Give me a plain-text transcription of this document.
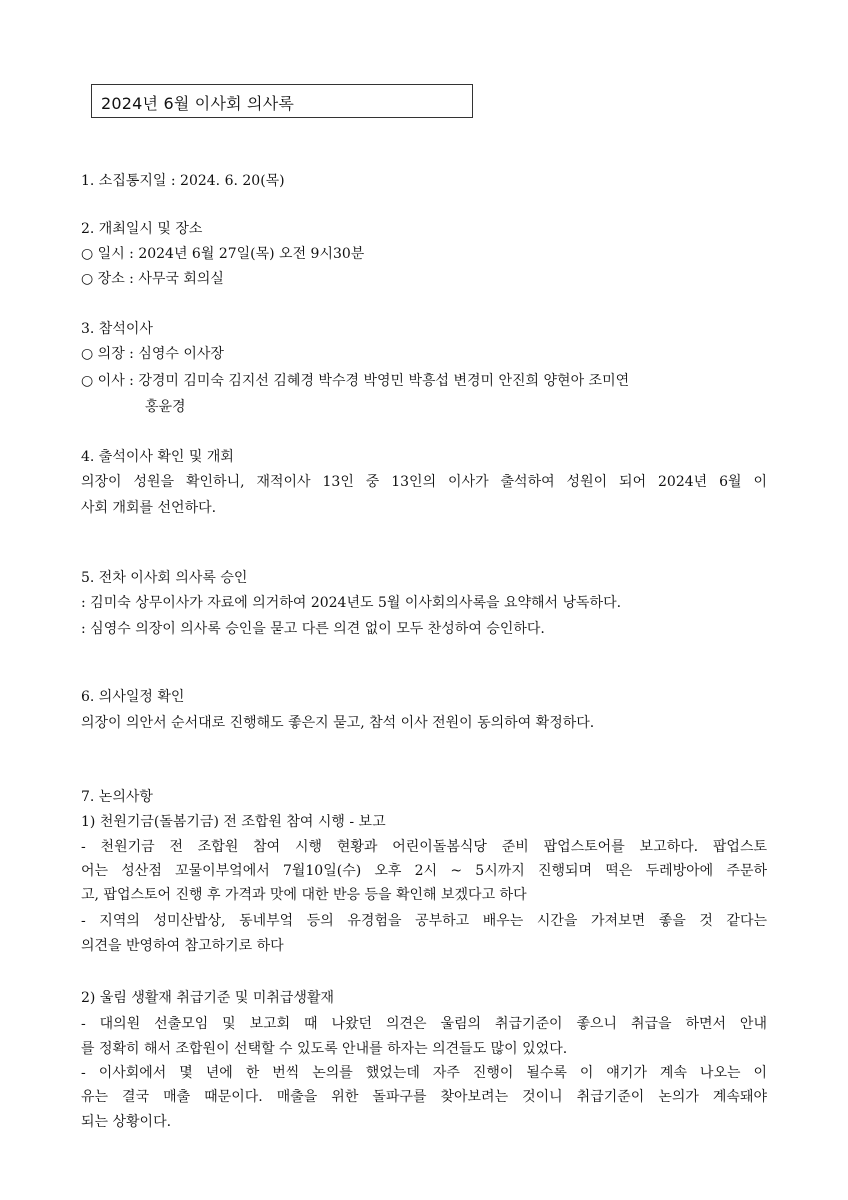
2024년 6월 이사회 의사록
1. 소집통지일 : 2024. 6. 20(목)
2. 개최일시 및 장소
○ 일시 : 2024년 6월 27일(목) 오전 9시30분
○ 장소 : 사무국 회의실
3. 참석이사
○ 의장 : 심영수 이사장
○ 이사 : 강경미 김미숙 김지선 김혜경 박수경 박영민 박흥섭 변경미 안진희 양현아 조미연
홍윤경
4. 출석이사 확인 및 개회
의장이 성원을 확인하니, 재적이사 13인 중 13인의 이사가 출석하여 성원이 되어 2024년 6월 이
사회 개회를 선언하다.
5. 전차 이사회 의사록 승인
: 김미숙 상무이사가 자료에 의거하여 2024년도 5월 이사회의사록을 요약해서 낭독하다.
: 심영수 의장이 의사록 승인을 묻고 다른 의견 없이 모두 찬성하여 승인하다.
6. 의사일정 확인
의장이 의안서 순서대로 진행해도 좋은지 묻고, 참석 이사 전원이 동의하여 확정하다.
7. 논의사항
1) 천원기금(돌봄기금) 전 조합원 참여 시행 - 보고
- 천원기금 전 조합원 참여 시행 현황과 어린이돌봄식당 준비 팝업스토어를 보고하다. 팝업스토
어는 성산점 꼬물이부엌에서 7월10일(수) 오후 2시 ~ 5시까지 진행되며 떡은 두레방아에 주문하
고, 팝업스토어 진행 후 가격과 맛에 대한 반응 등을 확인해 보겠다고 하다
- 지역의 성미산밥상, 동네부엌 등의 유경험을 공부하고 배우는 시간을 가져보면 좋을 것 같다는
의견을 반영하여 참고하기로 하다
2) 울림 생활재 취급기준 및 미취급생활재
- 대의원 선출모임 및 보고회 때 나왔던 의견은 울림의 취급기준이 좋으니 취급을 하면서 안내
를 정확히 해서 조합원이 선택할 수 있도록 안내를 하자는 의견들도 많이 있었다.
- 이사회에서 몇 년에 한 번씩 논의를 했었는데 자주 진행이 될수록 이 얘기가 계속 나오는 이
유는 결국 매출 때문이다. 매출을 위한 돌파구를 찾아보려는 것이니 취급기준이 논의가 계속돼야
되는 상황이다.
